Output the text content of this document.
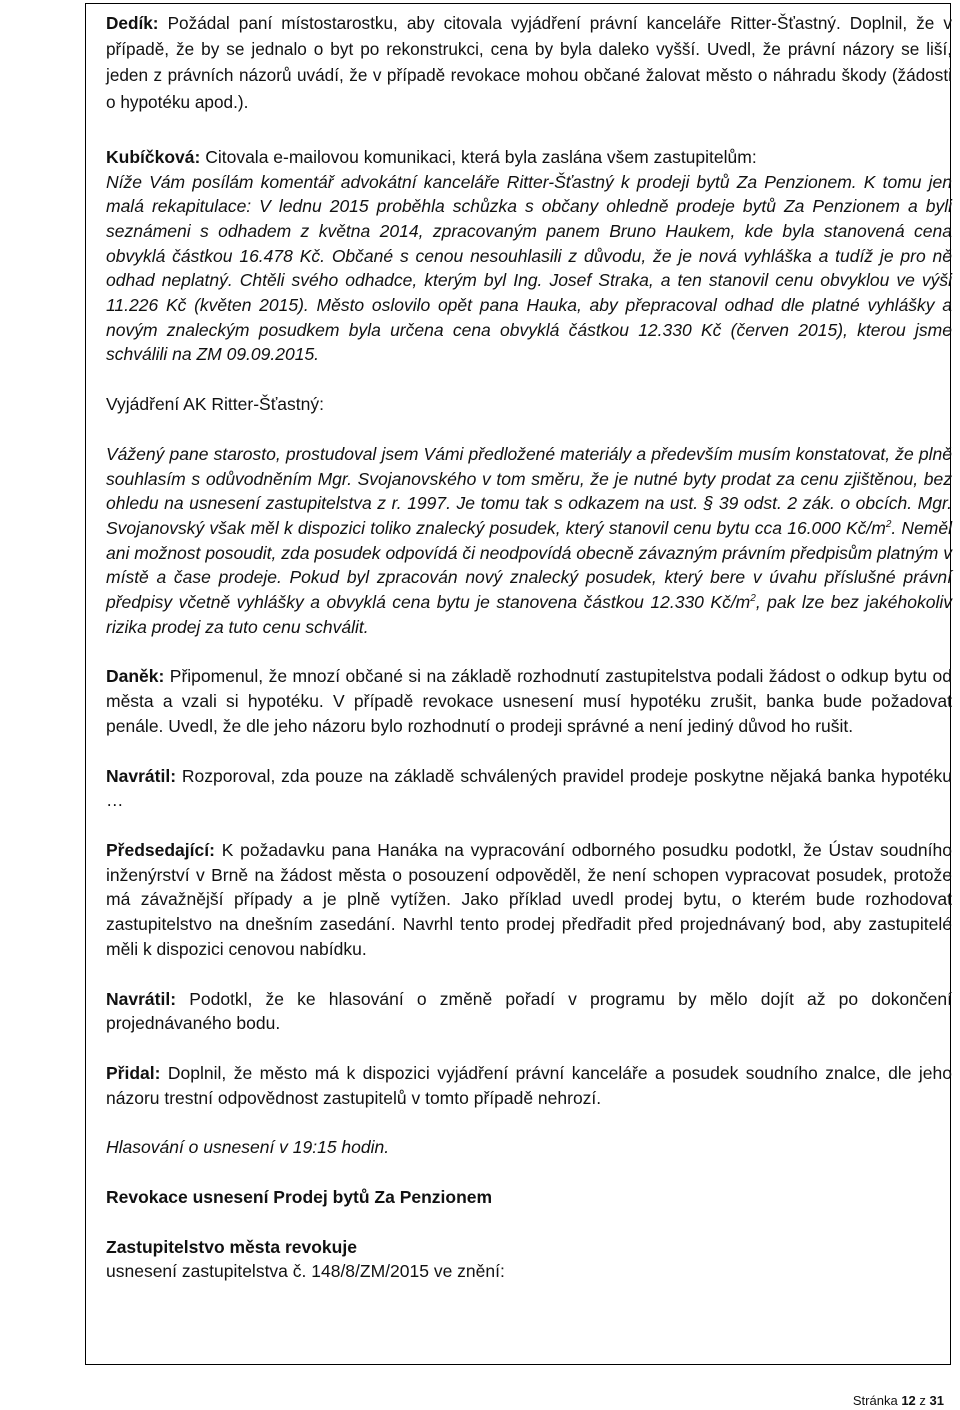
Dedík: Požádal paní místostarostku, aby citovala vyjádření právní kanceláře Ritter-Šťastný. Doplnil, že v případě, že by se jednalo o byt po rekonstrukci, cena by byla daleko vyšší. Uvedl, že právní názory se liší, jeden z právních názorů uvádí, že v případě revokace mohou občané žalovat město o náhradu škody (žádosti o hypotéku apod.).

Kubíčková: Citovala e-mailovou komunikaci, která byla zaslána všem zastupitelům:
Níže Vám posílám komentář advokátní kanceláře Ritter-Šťastný k prodeji bytů Za Penzionem. K tomu jen malá rekapitulace: V lednu 2015 proběhla schůzka s občany ohledně prodeje bytů Za Penzionem a byli seznámeni s odhadem z května 2014, zpracovaným panem Bruno Haukem, kde byla stanovená cena obvyklá částkou 16.478 Kč. Občané s cenou nesouhlasili z důvodu, že je nová vyhláška a tudíž je pro ně odhad neplatný. Chtěli svého odhadce, kterým byl Ing. Josef Straka, a ten stanovil cenu obvyklou ve výši 11.226 Kč (květen 2015). Město oslovilo opět pana Hauka, aby přepracoval odhad dle platné vyhlášky a novým znaleckým posudkem byla určena cena obvyklá částkou 12.330 Kč (červen 2015), kterou jsme schválili na ZM 09.09.2015.

Vyjádření AK Ritter-Šťastný:

Vážený pane starosto, prostudoval jsem Vámi předložené materiály a především musím konstatovat, že plně souhlasím s odůvodněním Mgr. Svojanovského v tom směru, že je nutné byty prodat za cenu zjištěnou, bez ohledu na usnesení zastupitelstva z r. 1997. Je tomu tak s odkazem na ust. § 39 odst. 2 zák. o obcích. Mgr. Svojanovský však měl k dispozici toliko znalecký posudek, který stanovil cenu bytu cca 16.000 $Kč/m^2$. Neměl ani možnost posoudit, zda posudek odpovídá či neodpovídá obecně závazným právním předpisům platným v místě a čase prodeje. Pokud byl zpracován nový znalecký posudek, který bere v úvahu příslušné právní předpisy včetně vyhlášky a obvyklá cena bytu je stanovena částkou 12.330 $Kč/m^2$, pak lze bez jakéhokoliv rizika prodej za tuto cenu schválit.

Daněk: Připomenul, že mnozí občané si na základě rozhodnutí zastupitelstva podali žádost o odkup bytu od města a vzali si hypotéku. V případě revokace usnesení musí hypotéku zrušit, banka bude požadovat penále. Uvedl, že dle jeho názoru bylo rozhodnutí o prodeji správné a není jediný důvod ho rušit.

Navrátil: Rozporoval, zda pouze na základě schválených pravidel prodeje poskytne nějaká banka hypotéku …

Předsedající: K požadavku pana Hanáka na vypracování odborného posudku podotkl, že Ústav soudního inženýrství v Brně na žádost města o posouzení odpověděl, že není schopen vypracovat posudek, protože má závažnější případy a je plně vytížen. Jako příklad uvedl prodej bytu, o kterém bude rozhodovat zastupitelstvo na dnešním zasedání. Navrhl tento prodej předřadit před projednávaný bod, aby zastupitelé měli k dispozici cenovou nabídku.

Navrátil: Podotkl, že ke hlasování o změně pořadí v programu by mělo dojít až po dokončení projednávaného bodu.

Přidal: Doplnil, že město má k dispozici vyjádření právní kanceláře a posudek soudního znalce, dle jeho názoru trestní odpovědnost zastupitelů v tomto případě nehrozí.

Hlasování o usnesení v 19:15 hodin.

Revokace usnesení Prodej bytů Za Penzionem

Zastupitelstvo města revokuje
usnesení zastupitelstva č. 148/8/ZM/2015 ve znění:

Stránka 12 z 31
